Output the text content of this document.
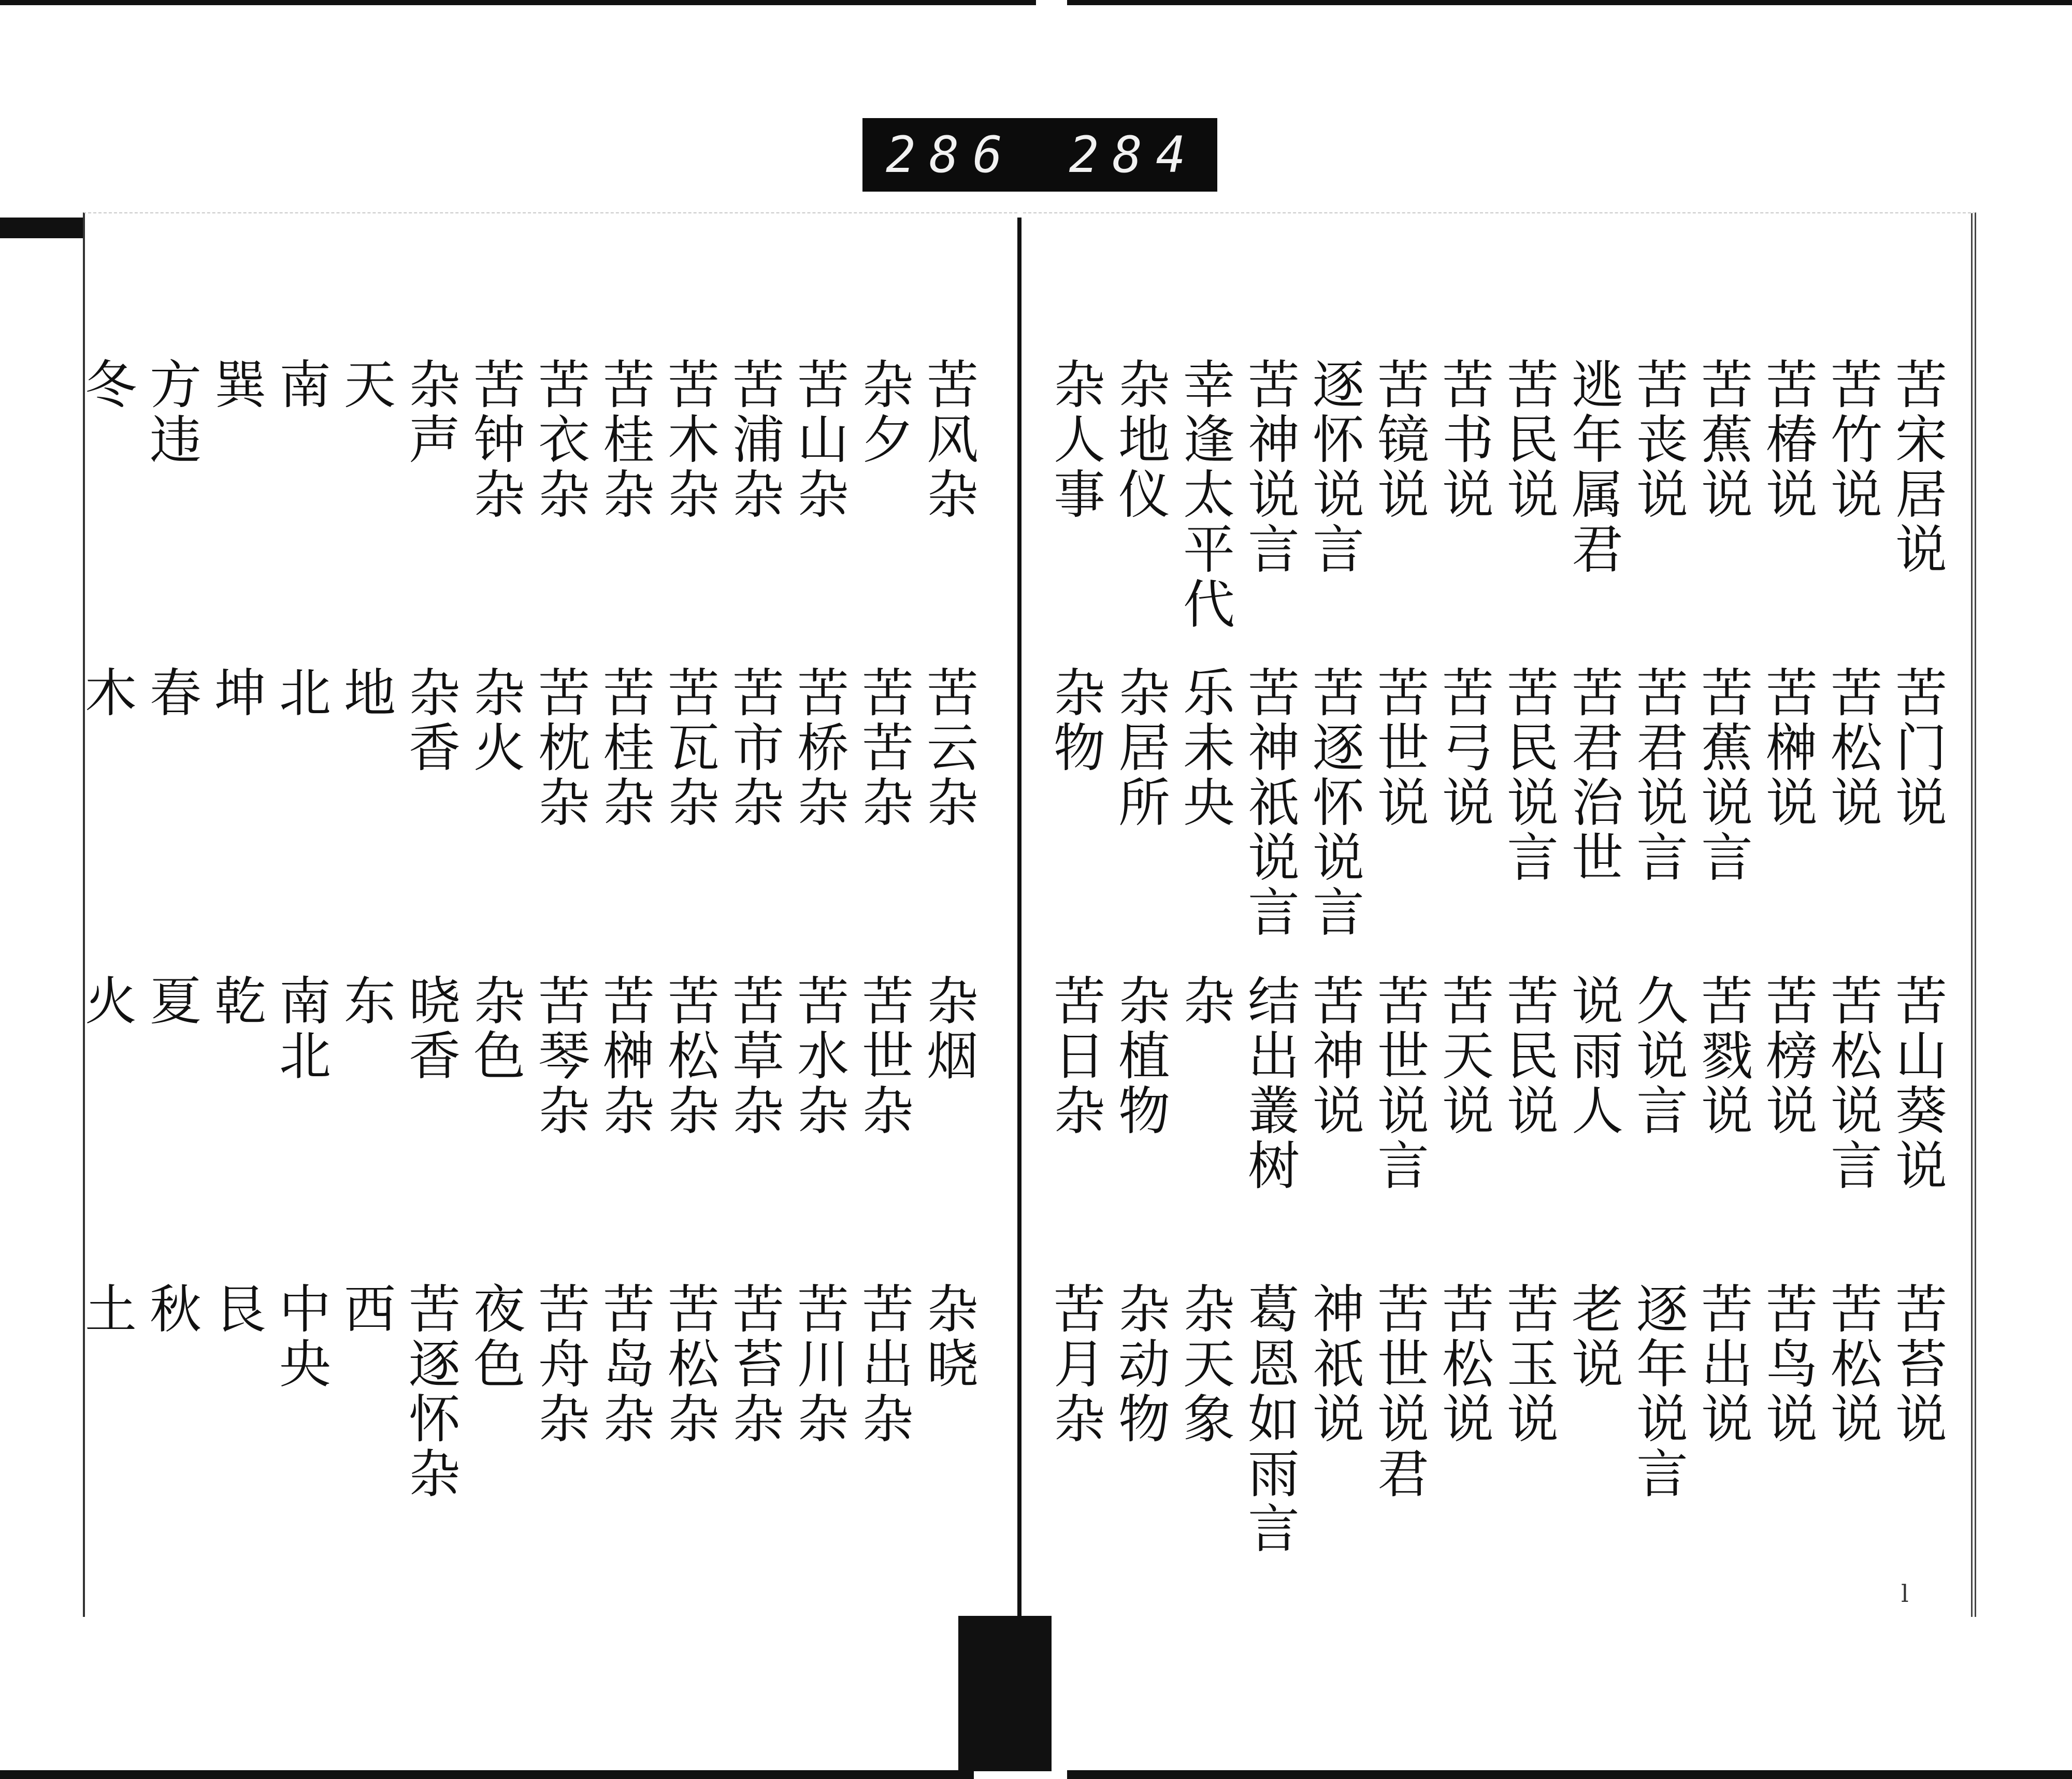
286 284
苦宋居说
苦门说
苦山葵说
苦苔说
苦竹说
苦松说
苦松说言
苦松说
苦椿说
苦榊说
苦榜说
苦鸟说
苦蕉说
苦蕉说言
苦戮说
苦出说
苦丧说
苦君说言
久说言
逐年说言
逃年属君
苦君治世
说雨人
老说
苦民说
苦民说言
苦民说
苦玉说
苦书说
苦弓说
苦天说
苦松说
苦镜说
苦世说
苦世说言
苦世说君
逐怀说言
苦逐怀说言
苦神说
神祇说
苦神说言
苦神祇说言
结出叢树
葛恩如雨言
幸逢太平代
乐未央
杂
杂天象
杂地仪
杂居所
杂植物
杂动物
杂人事
杂物
苦日杂
苦月杂
苦风杂
苦云杂
杂烟
杂晓
杂夕
苦苦杂
苦世杂
苦出杂
苦山杂
苦桥杂
苦水杂
苦川杂
苦浦杂
苦市杂
苦草杂
苦苔杂
苦木杂
苦瓦杂
苦松杂
苦松杂
苦桂杂
苦桂杂
苦榊杂
苦岛杂
苦衣杂
苦枕杂
苦琴杂
苦舟杂
苦钟杂
杂火
杂色
夜色
杂声
杂香
晓香
苦逐怀杂
天
地
东
西
南
北
南北
中央
巽
坤
乾
艮
方违
春
夏
秋
冬
木
火
土
l
